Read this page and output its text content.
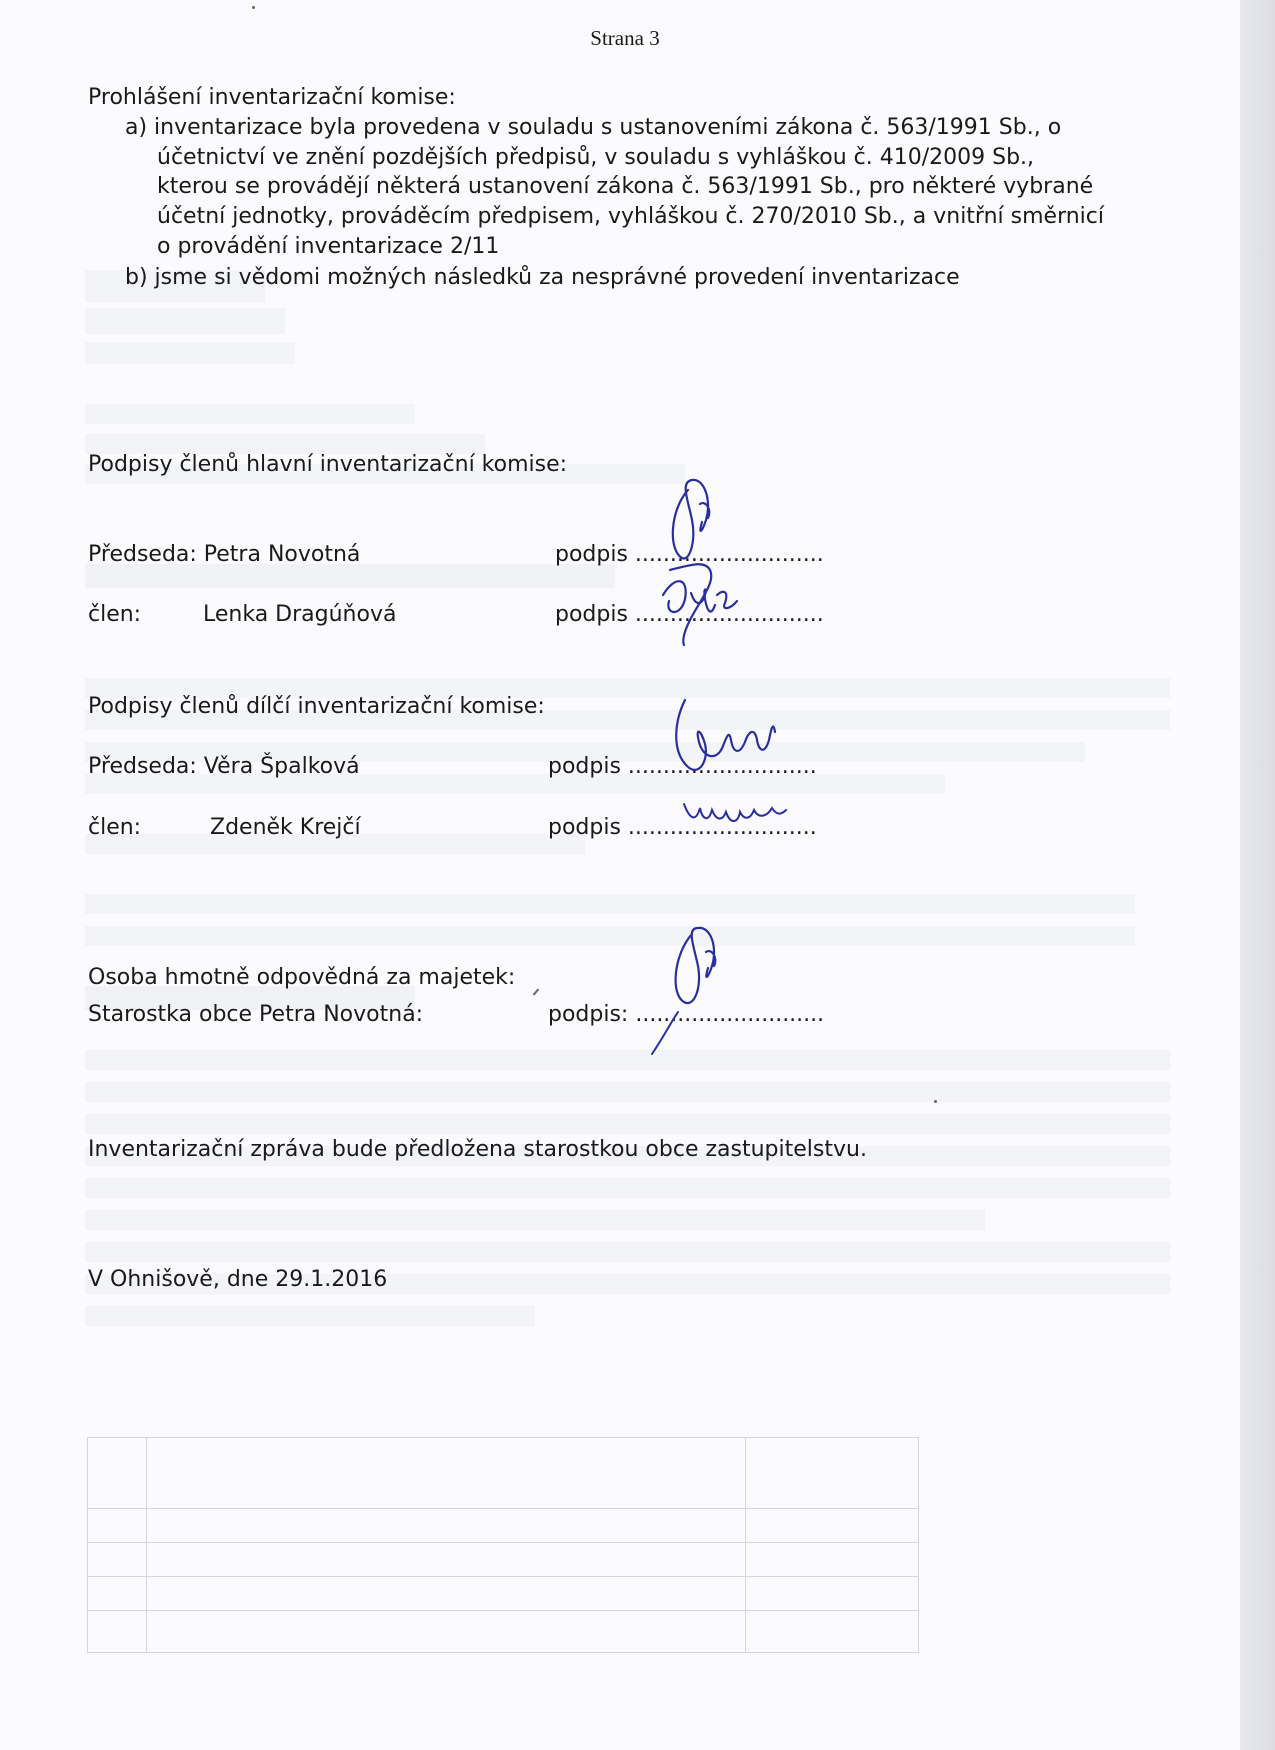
Strana 3
Prohlášení inventarizační komise:
a) inventarizace byla provedena v souladu s ustanoveními zákona č. 563/1991 Sb., o
účetnictví ve znění pozdějších předpisů, v souladu s vyhláškou č. 410/2009 Sb.,
kterou se provádějí některá ustanovení zákona č. 563/1991 Sb., pro některé vybrané
účetní jednotky, prováděcím předpisem, vyhláškou č. 270/2010 Sb., a vnitřní směrnicí
o provádění inventarizace 2/11
b) jsme si vědomi možných následků za nesprávné provedení inventarizace
Podpisy členů hlavní inventarizační komise:
Předseda: Petra Novotná	podpis ...........................
člen:	Lenka Dragúňová	podpis ...........................
Podpisy členů dílčí inventarizační komise:
Předseda: Věra Špalková	podpis ...........................
člen:	Zdeněk Krejčí	podpis ...........................
Osoba hmotně odpovědná za majetek:
Starostka obce Petra Novotná:	podpis: ...........................
Inventarizační zpráva bude předložena starostkou obce zastupitelstvu.
V Ohnišově, dne 29.1.2016
